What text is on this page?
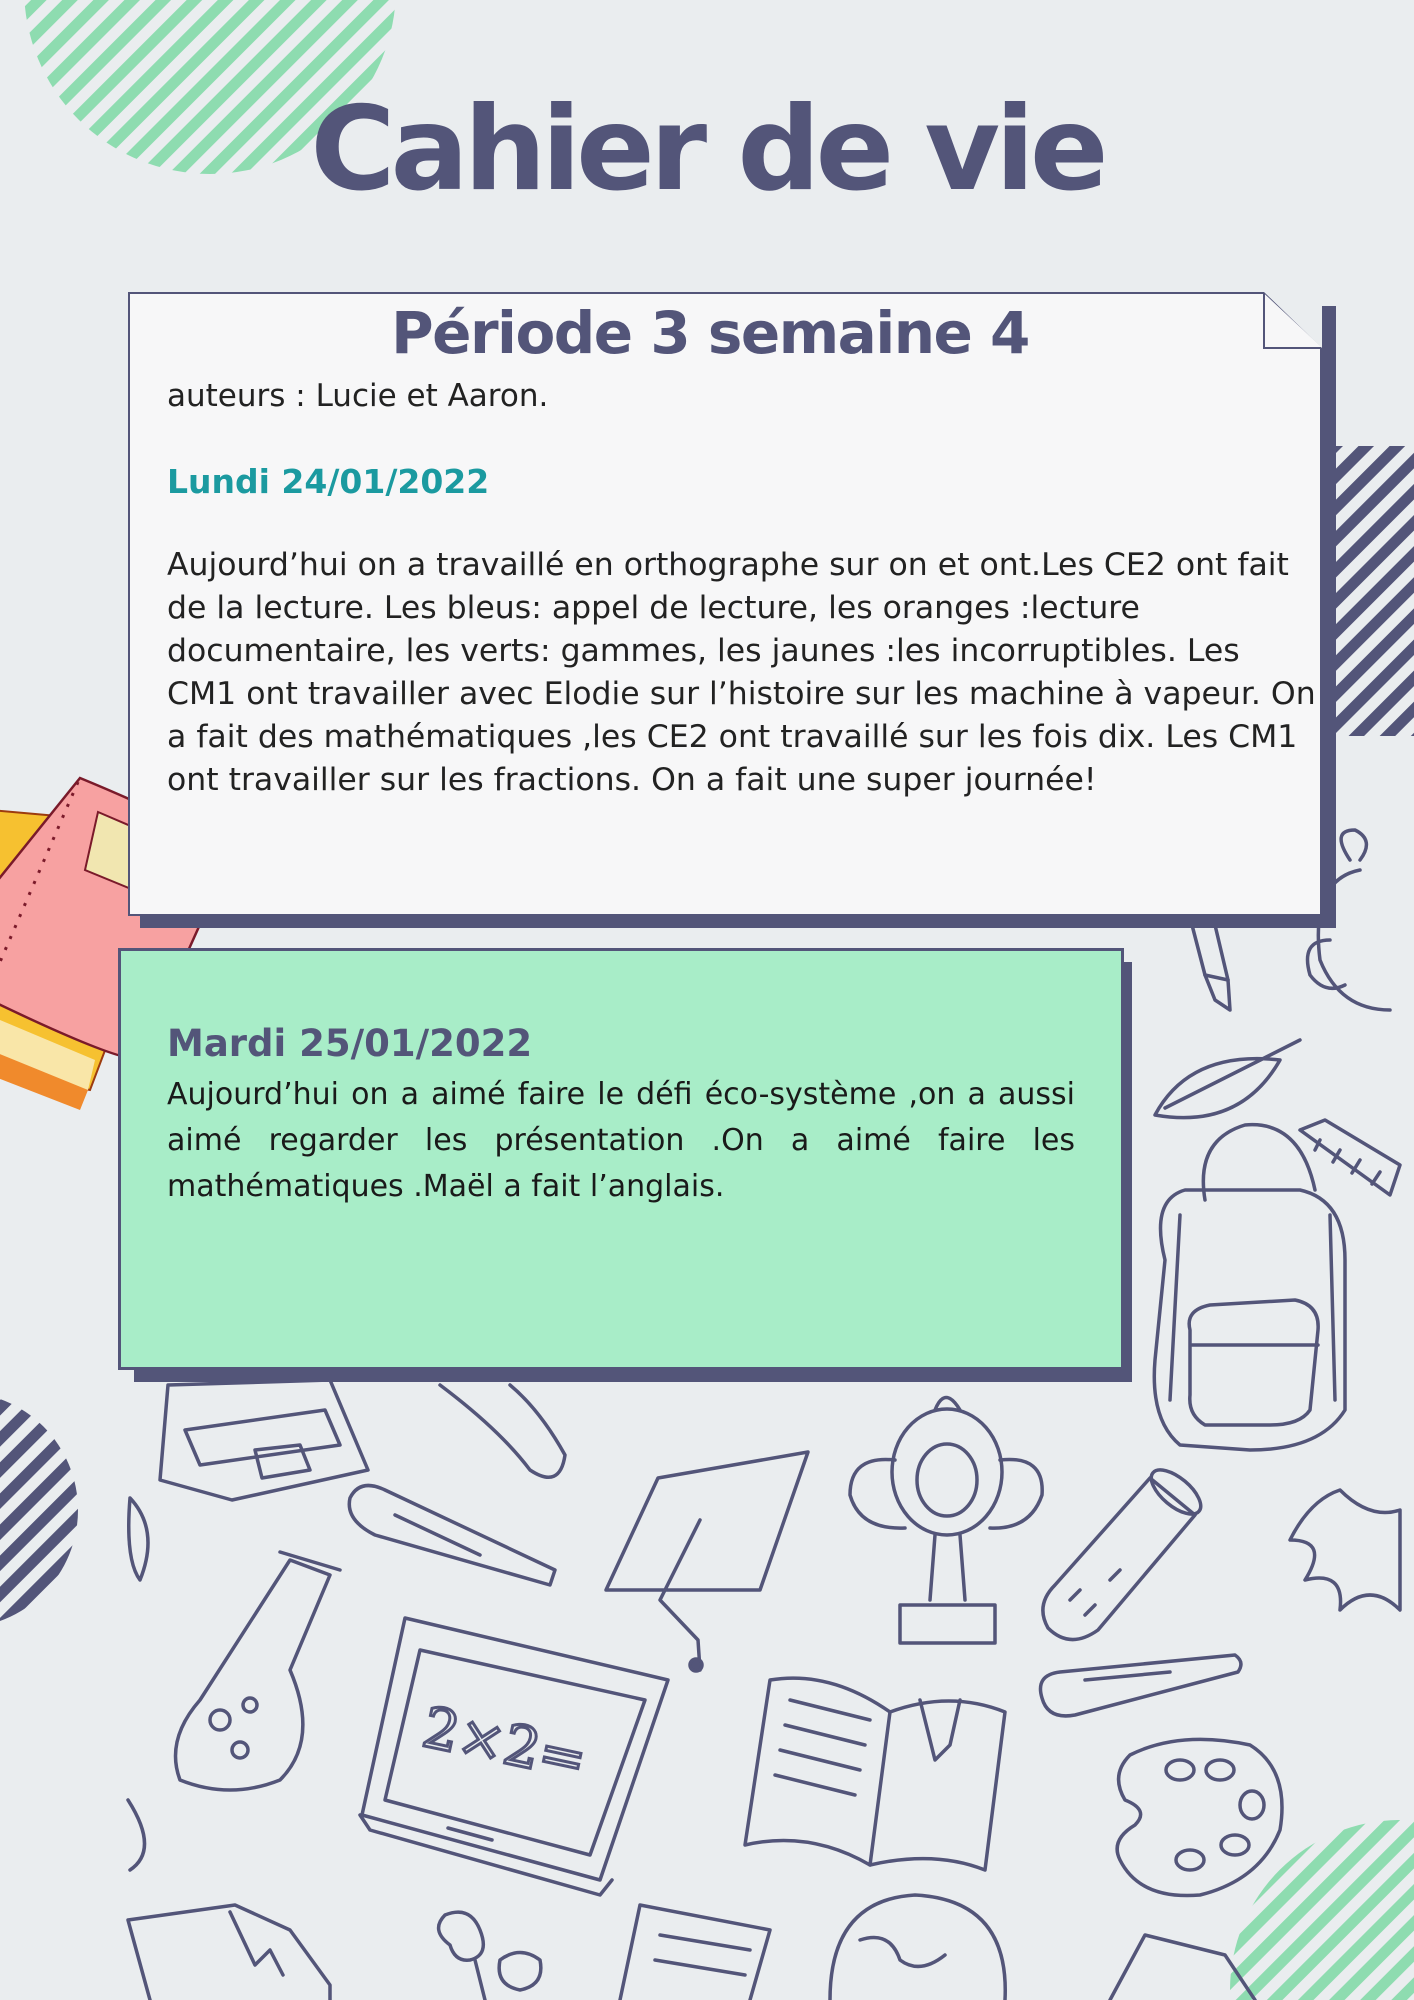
2×2=
Cahier de vie
Période 3 semaine 4
auteurs : Lucie et Aaron.
Lundi 24/01/2022
Aujourd’hui on a travaillé en orthographe sur on et ont.Les CE2 ont fait de la lecture. Les bleus: appel de lecture, les oranges :lecture documentaire, les verts: gammes, les jaunes :les incorruptibles. Les CM1 ont travailler avec Elodie sur l’histoire sur les machine à vapeur. On a fait des mathématiques ,les CE2 ont travaillé sur les fois dix. Les CM1 ont travailler sur les fractions. On a fait une super journée!
Mardi 25/01/2022
Aujourd’hui on a aimé faire le défi éco-système ,on a aussi aimé regarder les présentation .On a aimé faire les mathématiques .Maël a fait l’anglais.
